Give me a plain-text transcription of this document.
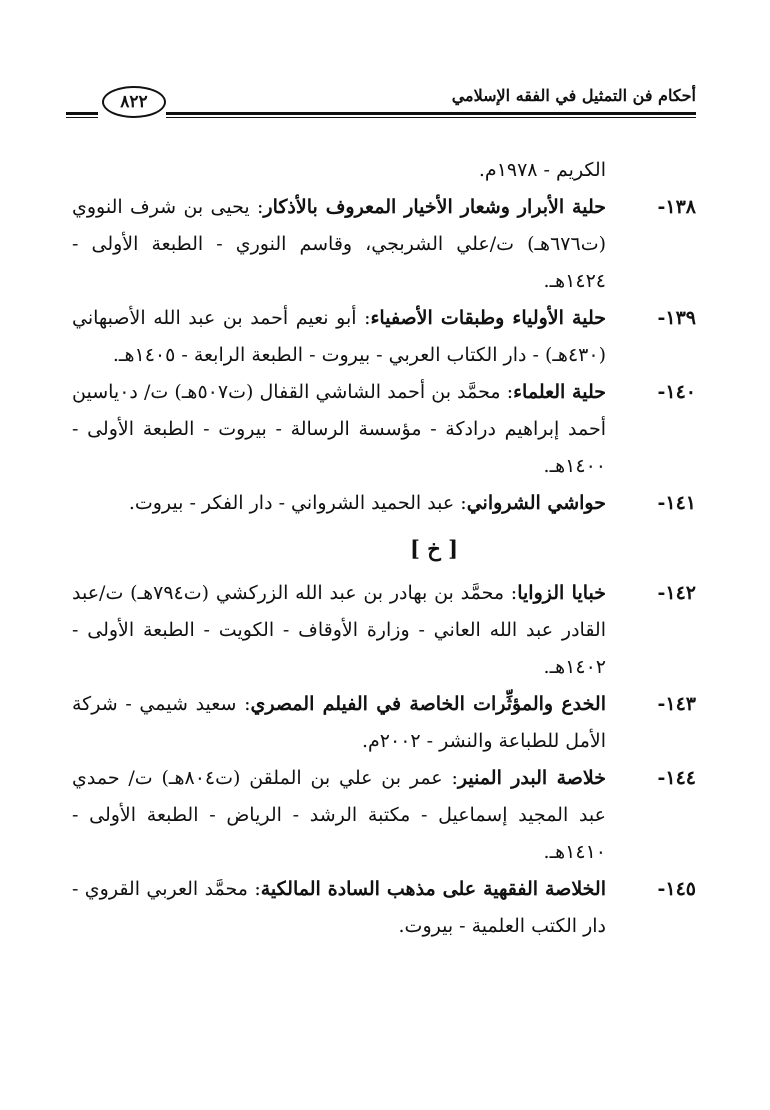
أحكام فن التمثيل في الفقه الإسلامي
٨٢٢
الكريم - ١٩٧٨م.
١٣٨-
حلية الأبرار وشعار الأخيار المعروف بالأذكار: يحيى بن شرف النووي (ت٦٧٦هـ) ت/علي الشربجي، وقاسم النوري - الطبعة الأولى - ١٤٢٤هـ.
١٣٩-
حلية الأولياء وطبقات الأصفياء: أبو نعيم أحمد بن عبد الله الأصبهاني (٤٣٠هـ) - دار الكتاب العربي - بيروت - الطبعة الرابعة - ١٤٠٥هـ.
١٤٠-
حلية العلماء: محمَّد بن أحمد الشاشي القفال (ت٥٠٧هـ) ت/ د٠ياسين أحمد إبراهيم درادكة - مؤسسة الرسالة - بيروت - الطبعة الأولى - ١٤٠٠هـ.
١٤١-
حواشي الشرواني: عبد الحميد الشرواني - دار الفكر - بيروت.
[ خ ]
١٤٢-
خبايا الزوايا: محمَّد بن بهادر بن عبد الله الزركشي (ت٧٩٤هـ) ت/عبد القادر عبد الله العاني - وزارة الأوقاف - الكويت - الطبعة الأولى - ١٤٠٢هـ.
١٤٣-
الخدع والمؤثِّرات الخاصة في الفيلم المصري: سعيد شيمي - شركة الأمل للطباعة والنشر - ٢٠٠٢م.
١٤٤-
خلاصة البدر المنير: عمر بن علي بن الملقن (ت٨٠٤هـ) ت/ حمدي عبد المجيد إسماعيل - مكتبة الرشد - الرياض - الطبعة الأولى - ١٤١٠هـ.
١٤٥-
الخلاصة الفقهية على مذهب السادة المالكية: محمَّد العربي القروي - دار الكتب العلمية - بيروت.
